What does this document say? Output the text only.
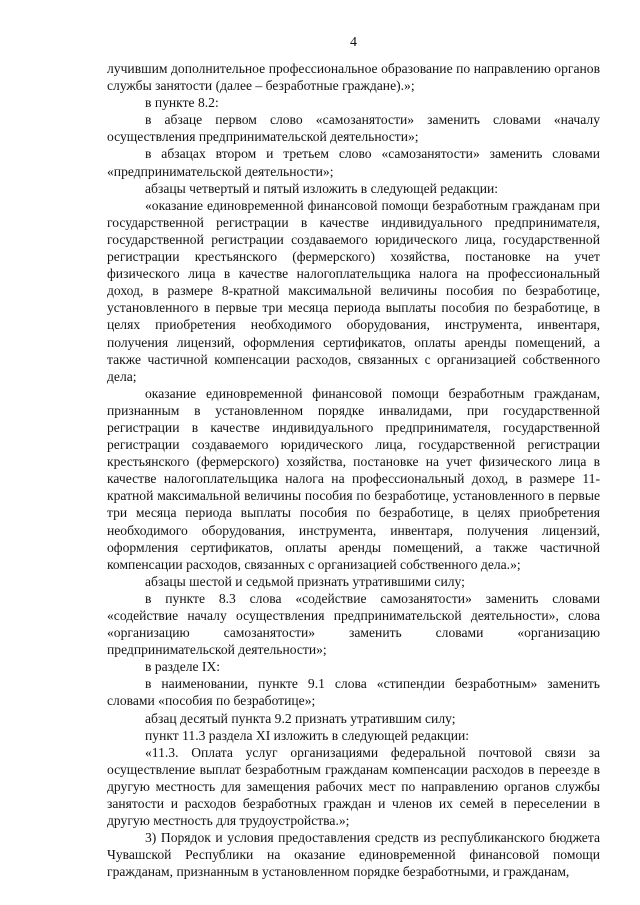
4

лучившим дополнительное профессиональное образование по направлению органов службы занятости (далее – безработные граждане).»;

в пункте 8.2:

в абзаце первом слово «самозанятости» заменить словами «началу осуществления предпринимательской деятельности»;

в абзацах втором и третьем слово «самозанятости» заменить словами «предпринимательской деятельности»;

абзацы четвертый и пятый изложить в следующей редакции:

«оказание единовременной финансовой помощи безработным гражданам при государственной регистрации в качестве индивидуального предпринимателя, государственной регистрации создаваемого юридического лица, государственной регистрации крестьянского (фермерского) хозяйства, постановке на учет физического лица в качестве налогоплательщика налога на профессиональный доход, в размере 8-кратной максимальной величины пособия по безработице, установленного в первые три месяца периода выплаты пособия по безработице, в целях приобретения необходимого оборудования, инструмента, инвентаря, получения лицензий, оформления сертификатов, оплаты аренды помещений, а также частичной компенсации расходов, связанных с организацией собственного дела;

оказание единовременной финансовой помощи безработным гражданам, признанным в установленном порядке инвалидами, при государственной регистрации в качестве индивидуального предпринимателя, государственной регистрации создаваемого юридического лица, государственной регистрации крестьянского (фермерского) хозяйства, постановке на учет физического лица в качестве налогоплательщика налога на профессиональный доход, в размере 11-кратной максимальной величины пособия по безработице, установленного в первые три месяца периода выплаты пособия по безработице, в целях приобретения необходимого оборудования, инструмента, инвентаря, получения лицензий, оформления сертификатов, оплаты аренды помещений, а также частичной компенсации расходов, связанных с организацией собственного дела.»;

абзацы шестой и седьмой признать утратившими силу;

в пункте 8.3 слова «содействие самозанятости» заменить словами «содействие началу осуществления предпринимательской деятельности», слова «организацию самозанятости» заменить словами «организацию предпринимательской деятельности»;

в разделе IX:

в наименовании, пункте 9.1 слова «стипендии безработным» заменить словами «пособия по безработице»;

абзац десятый пункта 9.2 признать утратившим силу;

пункт 11.3 раздела XI изложить в следующей редакции:

«11.3. Оплата услуг организациями федеральной почтовой связи за осуществление выплат безработным гражданам компенсации расходов в переезде в другую местность для замещения рабочих мест по направлению органов службы занятости и расходов безработных граждан и членов их семей в переселении в другую местность для трудоустройства.»;

3) Порядок и условия предоставления средств из республиканского бюджета Чувашской Республики на оказание единовременной финансовой помощи гражданам, признанным в установленном порядке безработными, и гражданам,
